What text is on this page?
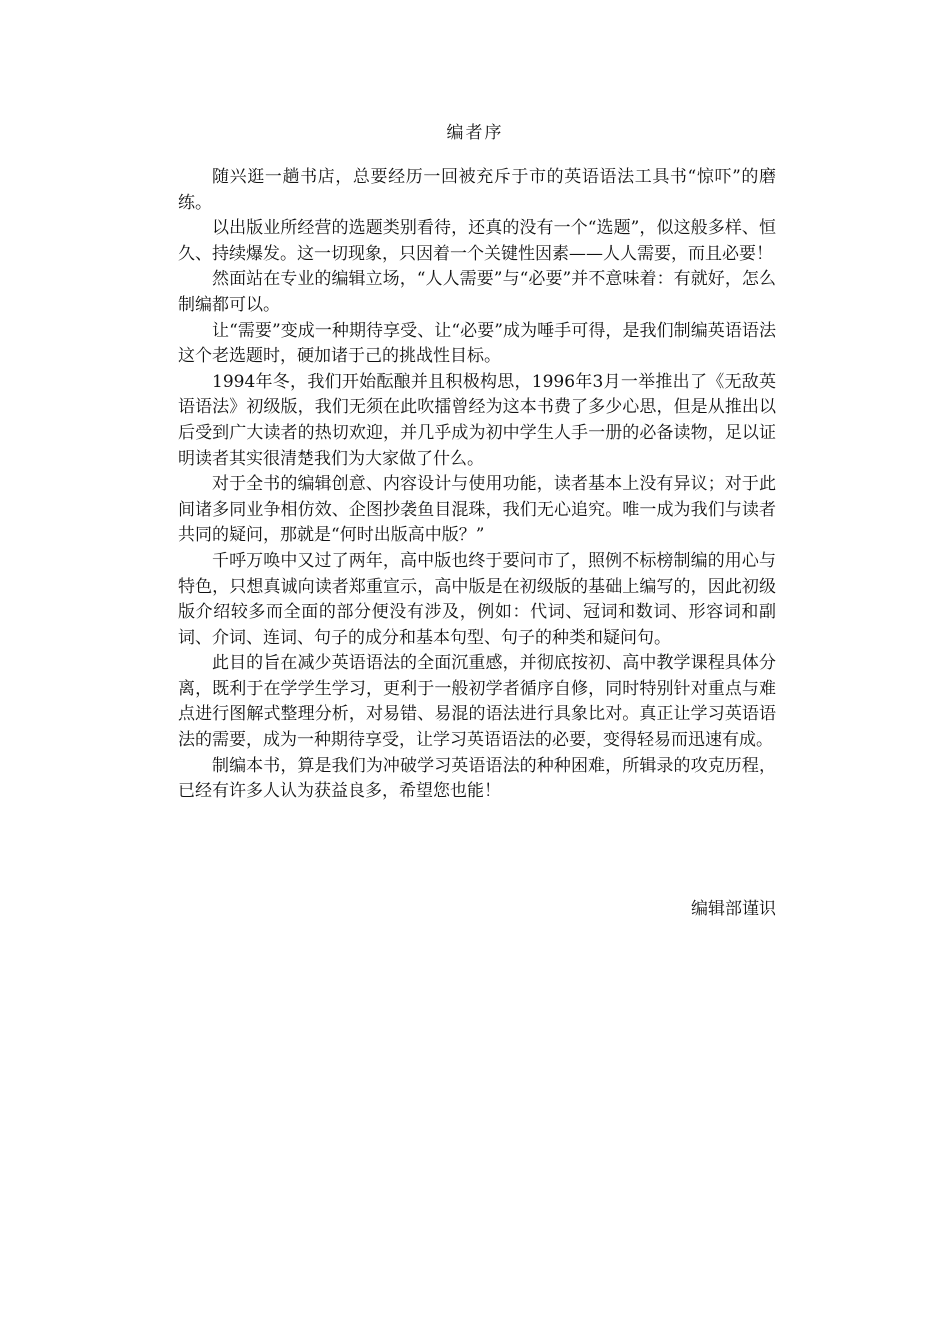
编者序

随兴逛一趟书店，总要经历一回被充斥于市的英语语法工具书“惊吓”的磨练。

以出版业所经营的选题类别看待，还真的没有一个“选题”，似这般多样、恒久、持续爆发。这一切现象，只因着一个关键性因素——人人需要，而且必要！

然面站在专业的编辑立场，“人人需要”与“必要”并不意味着：有就好，怎么制编都可以。

让“需要”变成一种期待享受、让“必要”成为唾手可得，是我们制编英语语法这个老选题时，硬加诸于己的挑战性目标。

1994年冬，我们开始酝酿并且积极构思，1996年3月一举推出了《无敌英语语法》初级版，我们无须在此吹擂曾经为这本书费了多少心思，但是从推出以后受到广大读者的热切欢迎，并几乎成为初中学生人手一册的必备读物，足以证明读者其实很清楚我们为大家做了什么。

对于全书的编辑创意、内容设计与使用功能，读者基本上没有异议；对于此间诸多同业争相仿效、企图抄袭鱼目混珠，我们无心追究。唯一成为我们与读者共同的疑问，那就是“何时出版高中版？”

千呼万唤中又过了两年，高中版也终于要问市了，照例不标榜制编的用心与特色，只想真诚向读者郑重宣示，高中版是在初级版的基础上编写的，因此初级版介绍较多而全面的部分便没有涉及，例如：代词、冠词和数词、形容词和副词、介词、连词、句子的成分和基本句型、句子的种类和疑问句。

此目的旨在减少英语语法的全面沉重感，并彻底按初、高中教学课程具体分离，既利于在学学生学习，更利于一般初学者循序自修，同时特别针对重点与难点进行图解式整理分析，对易错、易混的语法进行具象比对。真正让学习英语语法的需要，成为一种期待享受，让学习英语语法的必要，变得轻易而迅速有成。

制编本书，算是我们为冲破学习英语语法的种种困难，所辑录的攻克历程，已经有许多人认为获益良多，希望您也能！

编辑部谨识
